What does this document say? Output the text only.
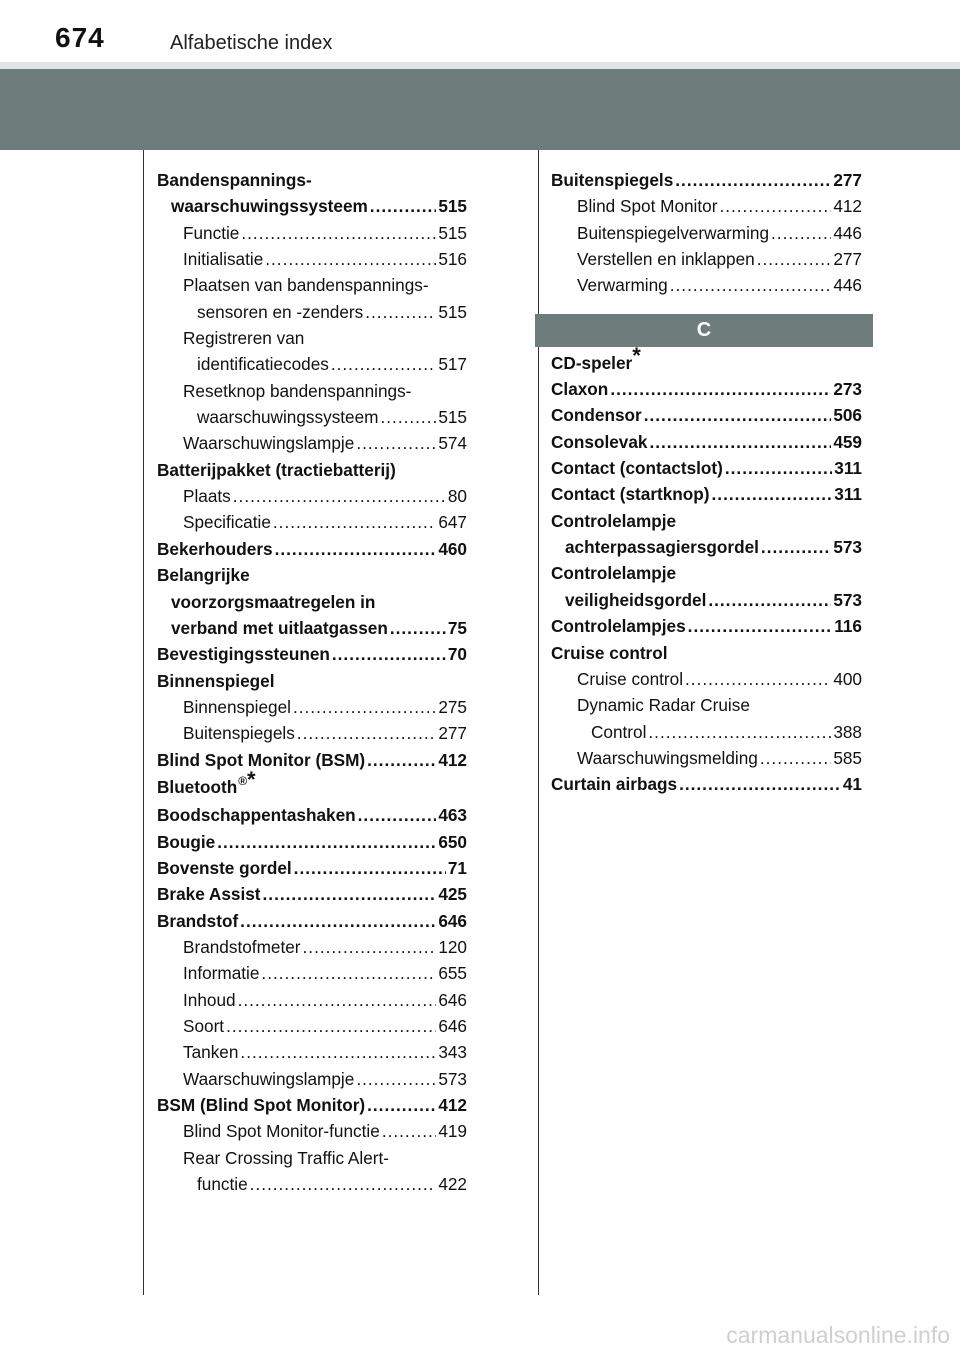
674	Alfabetische index
Bandenspannings-
waarschuwingssysteem .....	515
Functie .....	515
Initialisatie .....	516
Plaatsen van bandenspannings-
sensoren en -zenders .....	515
Registreren van
identificatiecodes .....	517
Resetknop bandenspannings-
waarschuwingssysteem .....	515
Waarschuwingslampje .....	574
Batterijpakket (tractiebatterij)
Plaats .....	80
Specificatie .....	647
Bekerhouders .....	460
Belangrijke
voorzorgsmaatregelen in
verband met uitlaatgassen .....	75
Bevestigingssteunen .....	70
Binnenspiegel
Binnenspiegel .....	275
Buitenspiegels .....	277
Blind Spot Monitor (BSM) .....	412
Bluetooth ® *
Boodschappentashaken .....	463
Bougie .....	650
Bovenste gordel .....	71
Brake Assist .....	425
Brandstof .....	646
Brandstofmeter .....	120
Informatie .....	655
Inhoud .....	646
Soort .....	646
Tanken .....	343
Waarschuwingslampje .....	573
BSM (Blind Spot Monitor) .....	412
Blind Spot Monitor-functie .....	419
Rear Crossing Traffic Alert-
functie .....	422
Buitenspiegels .....	277
Blind Spot Monitor .....	412
Buitenspiegelverwarming .....	446
Verstellen en inklappen .....	277
Verwarming .....	446
C
CD-speler *
Claxon .....	273
Condensor .....	506
Consolevak .....	459
Contact (contactslot) .....	311
Contact (startknop) .....	311
Controlelampje
achterpassagiersgordel .....	573
Controlelampje
veiligheidsgordel .....	573
Controlelampjes .....	116
Cruise control
Cruise control .....	400
Dynamic Radar Cruise
Control .....	388
Waarschuwingsmelding .....	585
Curtain airbags .....	41
carmanualsonline.info
